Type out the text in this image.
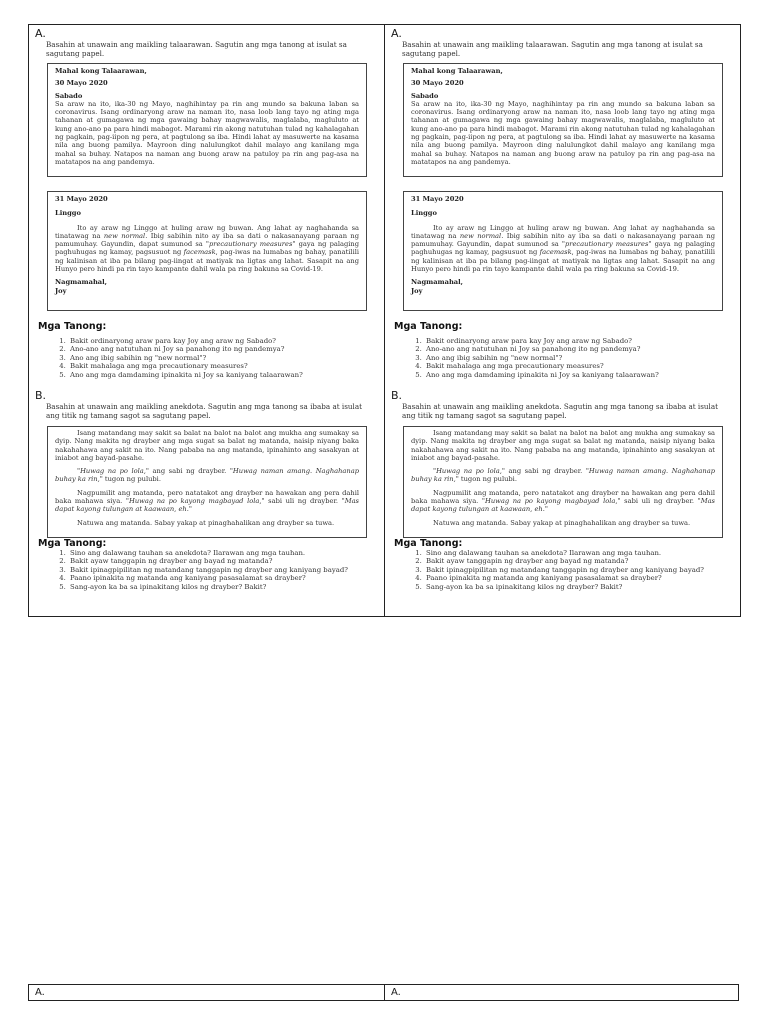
A.
Basahin at unawain ang maikling talaarawan. Sagutin ang mga tanong at isulat sa sagutang papel.

Mahal kong Talaarawan,

30 Mayo 2020

Sabado

Sa araw na ito, ika-30 ng Mayo, naghihintay pa rin ang mundo sa bakuna laban sa coronavirus. Isang ordinaryong araw na naman ito, nasa loob lang tayo ng ating mga tahanan at gumagawa ng mga gawaing bahay magwawalis, maglalaba, magluluto at kung ano-ano pa para hindi mabagot. Marami rin akong natutuhan tulad ng kahalagahan ng pagkain, pag-iipon ng pera, at pagtulong sa iba. Hindi lahat ay masuwerte na kasama nila ang buong pamilya. Mayroon ding nalulungkot dahil malayo ang kanilang mga mahal sa buhay. Natapos na naman ang buong araw na patuloy pa rin ang pag-asa na matatapos na ang pandemya.

31 Mayo 2020

Linggo

Ito ay araw ng Linggo at huling araw ng buwan. Ang lahat ay naghahanda sa tinatawag na new normal. Ibig sabihin nito ay iba sa dati o nakasanayang paraan ng pamumuhay. Gayundin, dapat sumunod sa "precautionary measures" gaya ng palaging paghuhugas ng kamay, pagsusuot ng facemask, pag-iwas na lumabas ng bahay, panatilili ng kalinisan at iba pa bilang pag-iingat at matiyak na ligtas ang lahat. Sasapit na ang Hunyo pero hindi pa rin tayo kampante dahil wala pa ring bakuna sa Covid-19.

Nagmamahal,

Joy

Mga Tanong:
1. Bakit ordinaryong araw para kay Joy ang araw ng Sabado?
2. Ano-ano ang natutuhan ni Joy sa panahong ito ng pandemya?
3. Ano ang ibig sabihin ng "new normal"?
4. Bakit mahalaga ang mga precautionary measures?
5. Ano ang mga damdaming ipinakita ni Joy sa kaniyang talaarawan?
B.
Basahin at unawain ang maikling anekdota. Sagutin ang mga tanong sa ibaba at isulat ang titik ng tamang sagot sa sagutang papel.

Isang matandang may sakit sa balat na balot na balot ang mukha ang sumakay sa dyip. Nang makita ng drayber ang mga sugat sa balat ng matanda, naisip niyang baka nakahahawa ang sakit na ito. Nang pababa na ang matanda, ipinahinto ang sasakyan at iniabot ang bayad-pasahe.

"Huwag na po lola," ang sabi ng drayber. "Huwag naman amang. Naghahanap buhay ka rin," tugon ng pulubi.

Nagpumilit ang matanda, pero natatakot ang drayber na hawakan ang pera dahil baka mahawa siya. "Huwag na po kayong magbayad lola," sabi uli ng drayber. "Mas dapat kayong tulungan at kaawaan, eh."

Natuwa ang matanda. Sabay yakap at pinaghahalikan ang drayber sa tuwa.

Mga Tanong:
1. Sino ang dalawang tauhan sa anekdota? Ilarawan ang mga tauhan.
2. Bakit ayaw tanggapin ng drayber ang bayad ng matanda?
3. Bakit ipinagpipilitan ng matandang tanggapin ng drayber ang kaniyang bayad?
4. Paano ipinakita ng matanda ang kaniyang pasasalamat sa drayber?
5. Sang-ayon ka ba sa ipinakitang kilos ng drayber? Bakit?
A.
Basahin at unawain ang maikling talaarawan. Sagutin ang mga tanong at isulat sa sagutang papel.

Mahal kong Talaarawan,

30 Mayo 2020

Sabado

Sa araw na ito, ika-30 ng Mayo, naghihintay pa rin ang mundo sa bakuna laban sa coronavirus. Isang ordinaryong araw na naman ito, nasa loob lang tayo ng ating mga tahanan at gumagawa ng mga gawaing bahay magwawalis, maglalaba, magluluto at kung ano-ano pa para hindi mabagot. Marami rin akong natutuhan tulad ng kahalagahan ng pagkain, pag-iipon ng pera, at pagtulong sa iba. Hindi lahat ay masuwerte na kasama nila ang buong pamilya. Mayroon ding nalulungkot dahil malayo ang kanilang mga mahal sa buhay. Natapos na naman ang buong araw na patuloy pa rin ang pag-asa na matatapos na ang pandemya.

31 Mayo 2020

Linggo

Ito ay araw ng Linggo at huling araw ng buwan. Ang lahat ay naghahanda sa tinatawag na new normal. Ibig sabihin nito ay iba sa dati o nakasanayang paraan ng pamumuhay. Gayundin, dapat sumunod sa "precautionary measures" gaya ng palaging paghuhugas ng kamay, pagsusuot ng facemask, pag-iwas na lumabas ng bahay, panatilili ng kalinisan at iba pa bilang pag-iingat at matiyak na ligtas ang lahat. Sasapit na ang Hunyo pero hindi pa rin tayo kampante dahil wala pa ring bakuna sa Covid-19.

Nagmamahal,

Joy

Mga Tanong:
1. Bakit ordinaryong araw para kay Joy ang araw ng Sabado?
2. Ano-ano ang natutuhan ni Joy sa panahong ito ng pandemya?
3. Ano ang ibig sabihin ng "new normal"?
4. Bakit mahalaga ang mga precautionary measures?
5. Ano ang mga damdaming ipinakita ni Joy sa kaniyang talaarawan?
B.
Basahin at unawain ang maikling anekdota. Sagutin ang mga tanong sa ibaba at isulat ang titik ng tamang sagot sa sagutang papel.

Isang matandang may sakit sa balat na balot na balot ang mukha ang sumakay sa dyip. Nang makita ng drayber ang mga sugat sa balat ng matanda, naisip niyang baka nakahahawa ang sakit na ito. Nang pababa na ang matanda, ipinahinto ang sasakyan at iniabot ang bayad-pasahe.

"Huwag na po lola," ang sabi ng drayber. "Huwag naman amang. Naghahanap buhay ka rin," tugon ng pulubi.

Nagpumilit ang matanda, pero natatakot ang drayber na hawakan ang pera dahil baka mahawa siya. "Huwag na po kayong magbayad lola," sabi uli ng drayber. "Mas dapat kayong tulungan at kaawaan, eh."

Natuwa ang matanda. Sabay yakap at pinaghahalikan ang drayber sa tuwa.

Mga Tanong:
1. Sino ang dalawang tauhan sa anekdota? Ilarawan ang mga tauhan.
2. Bakit ayaw tanggapin ng drayber ang bayad ng matanda?
3. Bakit ipinagpipilitan ng matandang tanggapin ng drayber ang kaniyang bayad?
4. Paano ipinakita ng matanda ang kaniyang pasasalamat sa drayber?
5. Sang-ayon ka ba sa ipinakitang kilos ng drayber? Bakit?
A.	A.
